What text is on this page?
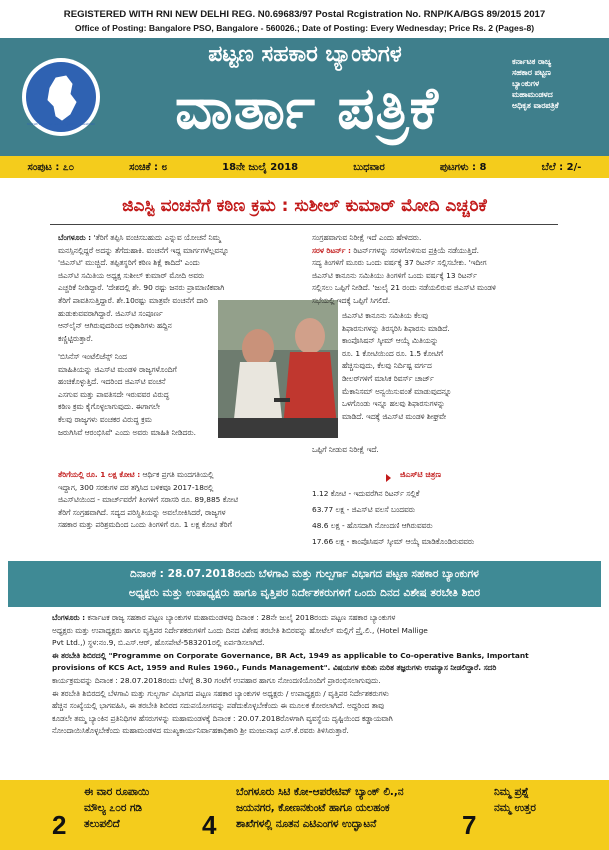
REGISTERED WITH RNI NEW DELHI REG. N0.69683/97 Postal Rcgistration No. RNP/KA/BGS 89/2015 2017
Office of Posting: Bangalore PSO, Bangalore - 560026.; Date of Posting: Every Wednesday; Price Rs. 2 (Pages-8)
ಕರ್ನಾಟಕ ರಾಜ್ಯ ಪಟ್ಟಣ ಸಹಕಾರ ಬ್ಯಾಂಕುಗಳ ಮಹಾಮಂಡಳ
ಪಟ್ಟಣ ಸಹಕಾರ ಬ್ಯಾಂಕುಗಳ
ವಾರ್ತಾ ಪತ್ರಿಕೆ
ಕರ್ನಾಟಕ ರಾಜ್ಯ
ಸಹಕಾರ ಪಟ್ಟಣ
ಬ್ಯಾಂಕುಗಳ
ಮಹಾಮಂಡಳದ
ಅಧಿಕೃತ ವಾರಪತ್ರಿಕೆ
ಸಂಪುಟ : ೭೦	ಸಂಚಿಕೆ : ೮	18ನೇ ಜುಲೈ 2018	ಬುಧವಾರ	ಪುಟಗಳು : 8	ಬೆಲೆ : 2/-
ಜಿಎಸ್ಟಿ ವಂಚನೆಗೆ ಕಠಿಣ ಕ್ರಮ : ಸುಶೀಲ್ ಕುಮಾರ್ ಮೋದಿ ಎಚ್ಚರಿಕೆ
ಬೆಂಗಳೂರು : 'ತೆರಿಗೆ ತಪ್ಪಿಸಿ ವಂಚಿಸಬಹುದು ಎನ್ನುವ ಯೋಚನೆ ನಿಮ್ಮ
ಮನಸ್ಸಿನಲ್ಲಿದ್ದರೆ ಅದನ್ನು ತೆಗೆದುಹಾಕಿ. ವಂಚನೆಗೆ ಇದ್ದ ಮಾರ್ಗಗಳೆಲ್ಲವನ್ನೂ
'ಜಿಎಸ್‌ಟಿ' ಮುಚ್ಚಿದೆ. ತಪ್ಪಿತಸ್ಥರಿಗೆ ಕಠಿಣ ಶಿಕ್ಷೆ ಕಾದಿದೆ' ಎಂದು
ಜಿಎಸ್‌ಟಿ ಸಮಿತಿಯ ಅಧ್ಯಕ್ಷ ಸುಶೀಲ್ ಕುಮಾರ್ ಮೋದಿ ಅವರು
ಎಚ್ಚರಿಕೆ ನೀಡಿದ್ದಾರೆ. 'ದೇಶದಲ್ಲಿ ಶೇ. 90 ರಷ್ಟು ಜನರು ಪ್ರಾಮಾಣಿಕವಾಗಿ
ತೆರಿಗೆ ಪಾವತಿಸುತ್ತಿದ್ದಾರೆ. ಶೇ.10ರಷ್ಟು ಮಾತ್ರವೇ ವಂಚನೆಗೆ ದಾರಿ
ಹುಡುಕುವವರಾಗಿದ್ದಾರೆ. ಜಿಎಸ್‌ಟಿ ಸಂಪೂರ್ಣ
ಆನ್‌ಲೈನ್ ಆಗಿರುವುದರಿಂದ ಅಧಿಕಾರಿಗಳು ಹದ್ದಿನ
ಕಣ್ಣಿಟ್ಟಿರುತ್ತಾರೆ.
'ಬಿಸಿನೆಸ್ ಇಂಟೆಲಿಜೆನ್ಸ್ ನಿಂದ
ಮಾಹಿತಿಯನ್ನು ಜಿಎಸ್‌ಟಿ ಮಂಡಳಿ ರಾಜ್ಯಗಳೊಂದಿಗೆ
ಹಂಚಿಕೊಳ್ಳುತ್ತಿದೆ. ಇದರಿಂದ ಜಿಎಸ್‌ಟಿ ವಂಚನೆ
ಎಸಗುವ ಮತ್ತು ಪಾವತಿಸದೇ ಇರುವವರ ವಿರುದ್ಧ
ಕಠಿಣ ಕ್ರಮ ಕೈಗೊಳ್ಳಲಾಗುವುದು. ಈಗಾಗಲೇ
ಕೆಲವು ರಾಜ್ಯಗಳು ವಂಚಕರ ವಿರುದ್ಧ ಕ್ರಮ
ಜರುಗಿಸಿವೆ ಆರಂಭಿಸಿವೆ' ಎಂದು ಅವರು ಮಾಹಿತಿ ನೀಡಿದರು.
ತೆರಿಗೆಯಲ್ಲಿ ರೂ. 1 ಲಕ್ಷ ಕೋಟಿ : ಆರ್ಥಿಕ ಪ್ರಗತಿ ಮಂದಗತಿಯಲ್ಲಿ
ಇದ್ದಾಗ, 300 ಸರಕುಗಳ ದರ ತಗ್ಗಿಸಿದ ಬಳಿಕವೂ 2017-18ರಲ್ಲಿ
ಜಿಎಸ್‌ಟಿಯಿಂದ - ಮಾರ್ಚ್‌ವರೆಗೆ ತಿಂಗಳಿಗೆ ಸರಾಸರಿ ರೂ. 89,885 ಕೋಟಿ
ತೆರಿಗೆ ಸಂಗ್ರಹವಾಗಿದೆ. ಸದ್ಯದ ಪರಿಸ್ಥಿತಿಯನ್ನು ಅವಲೋಕಿಸಿದರೆ, ರಾಜ್ಯಗಳ
ಸಹಕಾರ ಮತ್ತು ಪರಿಶ್ರಮದಿಂದ ಒಂದು ತಿಂಗಳಿಗೆ ರೂ. 1 ಲಕ್ಷ ಕೋಟಿ ತೆರಿಗೆ
ಸಂಗ್ರಹವಾಗುವ ನಿರೀಕ್ಷೆ ಇದೆ ಎಂದು ಹೇಳಿದರು.
ಸರಳ ರಿಟರ್ನ್ : ರಿಟರ್ನ್‌ಗಳನ್ನು ಸರಳಗೊಳಿಸುವ ಪ್ರಕ್ರಿಯೆ ನಡೆಯುತ್ತಿದೆ.
ಸದ್ಯ ತಿಂಗಳಿಗೆ ಮೂರು ಒಂದು ವರ್ಷಕ್ಕೆ 37 ರಿಟರ್ನ್ ಸಲ್ಲಿಸಬೇಕು. 'ಇದೀಗ
ಜಿಎಸ್‌ಟಿ ಕಾನೂನು ಸಮಿತಿಯು ತಿಂಗಳಿಗೆ ಒಂದು ವರ್ಷಕ್ಕೆ 13 ರಿಟರ್ನ್
ಸಲ್ಲಿಸಲು ಒಪ್ಪಿಗೆ ನೀಡಿದೆ. 'ಜುಲೈ 21 ರಂದು ನಡೆಯಲಿರುವ ಜಿಎಸ್‌ಟಿ ಮಂಡಳಿ
ಸಭೆಯಲ್ಲಿ ಇದಕ್ಕೆ ಒಪ್ಪಿಗೆ ಸಿಗಲಿದೆ.
ಜಿಎಸ್‌ಟಿ ಕಾನೂನು ಸಮಿತಿಯ ಕೆಲವು
ಶಿಫಾರಸುಗಳನ್ನು ತಿರಸ್ಕರಿಸಿ ಶಿಫಾರಸು ಮಾಡಿದೆ.
ಕಾಂಪೊಸಿಷನ್ ಸ್ಕೀಮ್ ಆಯ್ಕೆ ಮಿತಿಯನ್ನು
ರೂ. 1 ಕೋಟಿಯಿಂದ ರೂ. 1.5 ಕೋಟಿಗೆ
ಹೆಚ್ಚಿಸುವುದು, ಕೆಲವು ನಿರ್ದಿಷ್ಟ ವರ್ಗದ
ಡೀಲರ್‌ಗಳಿಗೆ ಮಾಸಿಕ ರಿವರ್ಸ್ ಚಾರ್ಜ್
ಮೆಕಾನಿಸಮ್ ಅನ್ವಯಿಸುವಂತೆ ಮಾಡುವುದನ್ನೂ
ಒಳಗೊಂಡು ಇನ್ನೂ ಹಲವು ಶಿಫಾರಸುಗಳನ್ನು
ಮಾಡಿದೆ. ಇದಕ್ಕೆ ಜಿಎಸ್‌ಟಿ ಮಂಡಳಿ ಶೀಘ್ರವೇ
ಒಪ್ಪಿಗೆ ನೀಡುವ ನಿರೀಕ್ಷೆ ಇದೆ.
ಜಿಎಸ್‌ಟಿ ಚಿತ್ರಣ
1.12 ಕೋಟಿ - ಇದುವರೆಗಿನ ರಿಟರ್ನ್ ಸಲ್ಲಿಕೆ
63.77 ಲಕ್ಷ - ಜಿಎಸ್‌ಟಿ ವಲಸೆ ಬಂದವರು
48.6 ಲಕ್ಷ - ಹೊಸದಾಗಿ ನೋಂದಣಿ ಆಗಿರುವವರು
17.66 ಲಕ್ಷ - ಕಾಂಪೊಸಿಷನ್ ಸ್ಕೀಮ್ ಆಯ್ಕೆ ಮಾಡಿಕೊಂಡಿರುವವರು
ದಿನಾಂಕ : 28.07.2018ರಂದು ಬೆಳಗಾವಿ ಮತ್ತು ಗುಲ್ಬರ್ಗಾ ವಿಭಾಗದ ಪಟ್ಟಣ ಸಹಕಾರ ಬ್ಯಾಂಕುಗಳ
ಅಧ್ಯಕ್ಷರು ಮತ್ತು ಉಪಾಧ್ಯಕ್ಷರು ಹಾಗೂ ವೃತ್ತಿಪರ ನಿರ್ದೇಶಕರುಗಳಿಗೆ ಒಂದು ದಿನದ ವಿಶೇಷ ತರಬೇತಿ ಶಿಬಿರ
ಬೆಂಗಳೂರು : ಕರ್ನಾಟಕ ರಾಜ್ಯ ಸಹಕಾರ ಪಟ್ಟಣ ಬ್ಯಾಂಕುಗಳ ಮಹಾಮಂಡಳವು ದಿನಾಂಕ : 28ನೇ ಜುಲೈ 2018ರಂದು ಪಟ್ಟಣ ಸಹಕಾರ ಬ್ಯಾಂಕುಗಳ
ಅಧ್ಯಕ್ಷರು ಮತ್ತು ಉಪಾಧ್ಯಕ್ಷರು ಹಾಗೂ ವೃತ್ತಿಪರ ನಿರ್ದೇಶಕರುಗಳಿಗೆ ಒಂದು ದಿನದ ವಿಶೇಷ ತರಬೇತಿ ಶಿಬಿರವನ್ನು ಹೋಟೆಲ್ ಮಲ್ಲಿಗೆ ಪ್ರೈ.ಲಿ., (Hotel Mallige
Pvt Ltd.,) ಸ್ಥಳ:ನಂ.9, ಬಿ.ಎಸ್.ಆರ್, ಹೊಸಪೇಟೆ-583201ರಲ್ಲಿ ಏರ್ಪಡಿಸಲಾಗಿದೆ.
ಈ ತರಬೇತಿ ಶಿಬಿರದಲ್ಲಿ "Programme on Corporate Governance, BR Act, 1949 as applicable to Co-operative Banks, Important
provisions of KCS Act, 1959 and Rules 1960., Funds Management". ವಿಷಯಗಳ ಕುರಿತು ನುರಿತ ತಜ್ಞರುಗಳು ಉಪನ್ಯಾಸ ನೀಡಲಿದ್ದಾರೆ. ಸದರಿ
ಕಾರ್ಯಕ್ರಮವನ್ನು ದಿನಾಂಕ : 28.07.2018ರಂದು ಬೆಳಗ್ಗೆ 8.30 ಗಂಟೆಗೆ ಉಪಹಾರ ಹಾಗೂ ನೋಂದಣಿಯೊಂದಿಗೆ ಪ್ರಾರಂಭಿಸಲಾಗುವುದು.
ಈ ತರಬೇತಿ ಶಿಬಿರದಲ್ಲಿ ಬೆಳಗಾವಿ ಮತ್ತು ಗುಲ್ಬರ್ಗಾ ವಿಭಾಗದ ಪಟ್ಟಣ ಸಹಕಾರ ಬ್ಯಾಂಕುಗಳ ಅಧ್ಯಕ್ಷರು / ಉಪಾಧ್ಯಕ್ಷರು / ವೃತ್ತಿಪರ ನಿರ್ದೇಶಕರುಗಳು
ಹೆಚ್ಚಿನ ಸಂಖ್ಯೆಯಲ್ಲಿ ಭಾಗವಹಿಸಿ, ಈ ತರಬೇತಿ ಶಿಬಿರದ ಸದುಪಯೋಗವನ್ನು ಪಡೆದುಕೊಳ್ಳಬೇಕೆಂದು ಈ ಮೂಲಕ ಕೋರಲಾಗಿದೆ. ಅದ್ದರಿಂದ ತಾವು
ಕೂಡಲೇ ತಮ್ಮ ಬ್ಯಾಂಕಿನ ಪ್ರತಿನಿಧಿಗಳ ಹೆಸರುಗಳನ್ನು ಮಹಾಮಂಡಳಕ್ಕೆ ದಿನಾಂಕ : 20.07.2018ರೊಳಗಾಗಿ ವ್ಯವಸ್ಥೆಯ ದೃಷ್ಟಿಯಿಂದ ಕಡ್ಡಾಯವಾಗಿ
ನೋಂದಾಯಿಸಿಕೊಳ್ಳಬೇಕೆಂದು ಮಹಾಮಂಡಳದ ಮುಖ್ಯಕಾರ್ಯನಿರ್ವಾಹಕಾಧಿಕಾರಿ ಶ್ರೀ ಮಂಜುನಾಥ ಎಸ್.ಕೆ.ರವರು ತಿಳಿಸಿರುತ್ತಾರೆ.
2
ಈ ವಾರ ರೂಪಾಯಿ
ಮೌಲ್ಯ ೭೦ರ ಗಡಿ
ತಲುಪಲಿದೆ	4
ಬೆಂಗಳೂರು ಸಿಟಿ ಕೋ-ಆಪರೇಟಿವ್ ಬ್ಯಾಂಕ್ ಲಿ.,ನ
ಜಯನಗರ, ಕೋಣನಕುಂಟೆ ಹಾಗೂ ಯಲಹಂಕ
ಶಾಖೆಗಳಲ್ಲಿ ನೂತನ ಎಟಿಎಂಗಳ ಉದ್ಘಾಟನೆ	7
ನಿಮ್ಮ ಪ್ರಶ್ನೆ
ನಮ್ಮ ಉತ್ತರ
